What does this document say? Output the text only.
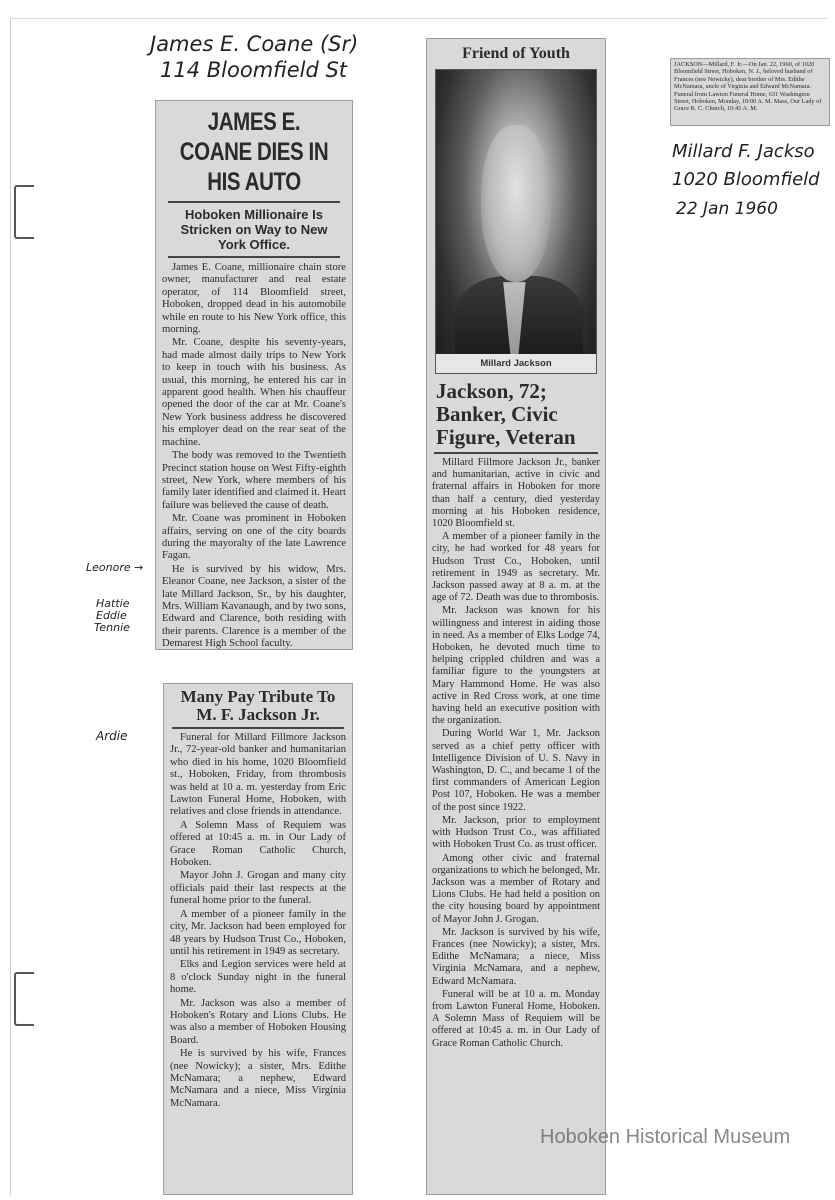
James E. Coane (Sr)
114 Bloomfield St
Millard F. Jackso
1020 Bloomfield
22 Jan 1960
Leonore →
Hattie
Eddie
Tennie
Ardie
JAMES E. COANE DIES IN HIS AUTO
Hoboken Millionaire Is Stricken on Way to New York Office.

James E. Coane, millionaire chain store owner, manufacturer and real estate operator, of 114 Bloomfield street, Hoboken, dropped dead in his automobile while en route to his New York office, this morning.

Mr. Coane, despite his seventy-years, had made almost daily trips to New York to keep in touch with his business. As usual, this morning, he entered his car in apparent good health. When his chauffeur opened the door of the car at Mr. Coane's New York business address he discovered his employer dead on the rear seat of the machine.

The body was removed to the Twentieth Precinct station house on West Fifty-eighth street, New York, where members of his family later identified and claimed it. Heart failure was believed the cause of death.

Mr. Coane was prominent in Hoboken affairs, serving on one of the city boards during the mayoralty of the late Lawrence Fagan.

He is survived by his widow, Mrs. Eleanor Coane, nee Jackson, a sister of the late Millard Jackson, Sr., by his daughter, Mrs. William Kavanaugh, and by two sons, Edward and Clarence, both residing with their parents. Clarence is a member of the Demarest High School faculty.

Many Pay Tribute To M. F. Jackson Jr.

Funeral for Millard Fillmore Jackson Jr., 72-year-old banker and humanitarian who died in his home, 1020 Bloomfield st., Hoboken, Friday, from thrombosis was held at 10 a. m. yesterday from Eric Lawton Funeral Home, Hoboken, with relatives and close friends in attendance.

A Solemn Mass of Requiem was offered at 10:45 a. m. in Our Lady of Grace Roman Catholic Church, Hoboken.

Mayor John J. Grogan and many city officials paid their last respects at the funeral home prior to the funeral.

A member of a pioneer family in the city, Mr. Jackson had been employed for 48 years by Hudson Trust Co., Hoboken, until his retirement in 1949 as secretary.

Elks and Legion services were held at 8 o'clock Sunday night in the funeral home.

Mr. Jackson was also a member of Hoboken's Rotary and Lions Clubs. He was also a member of Hoboken Housing Board.

He is survived by his wife, Frances (nee Nowicky); a sister, Mrs. Edithe McNamara; a nephew, Edward McNamara and a niece, Miss Virginia McNamara.

Friend of Youth
Millard Jackson
Jackson, 72; Banker, Civic Figure, Veteran

Millard Fillmore Jackson Jr., banker and humanitarian, active in civic and fraternal affairs in Hoboken for more than half a century, died yesterday morning at his Hoboken residence, 1020 Bloomfield st.

A member of a pioneer family in the city, he had worked for 48 years for Hudson Trust Co., Hoboken, until retirement in 1949 as secretary. Mr. Jackson passed away at 8 a. m. at the age of 72. Death was due to thrombosis.

Mr. Jackson was known for his willingness and interest in aiding those in need. As a member of Elks Lodge 74, Hoboken, he devoted much time to helping crippled children and was a familiar figure to the youngsters at Mary Hammond Home. He was also active in Red Cross work, at one time having held an executive position with the organization.

During World War 1, Mr. Jackson served as a chief petty officer with Intelligence Division of U. S. Navy in Washington, D. C., and became 1 of the first commanders of American Legion Post 107, Hoboken. He was a member of the post since 1922.

Mr. Jackson, prior to employment with Hudson Trust Co., was affiliated with Hoboken Trust Co. as trust officer.

Among other civic and fraternal organizations to which he belonged, Mr. Jackson was a member of Rotary and Lions Clubs. He had held a position on the city housing board by appointment of Mayor John J. Grogan.

Mr. Jackson is survived by his wife, Frances (nee Nowicky); a sister, Mrs. Edithe McNamara; a niece, Miss Virginia McNamara, and a nephew, Edward McNamara.

Funeral will be at 10 a. m. Monday from Lawton Funeral Home, Hoboken. A Solemn Mass of Requiem will be offered at 10:45 a. m. in Our Lady of Grace Roman Catholic Church.

JACKSON—Millard, F. Jr.—On Jan. 22, 1960, of 1020 Bloomfield Street, Hoboken, N. J., beloved husband of Frances (nee Nowicky), dear brother of Mrs. Edithe McNamara, uncle of Virginia and Edward McNamara. Funeral from Lawton Funeral Home, 631 Washington Street, Hoboken, Monday, 10:00 A. M. Mass, Our Lady of Grace R. C. Church, 10:45 A. M.
Hoboken Historical Museum
